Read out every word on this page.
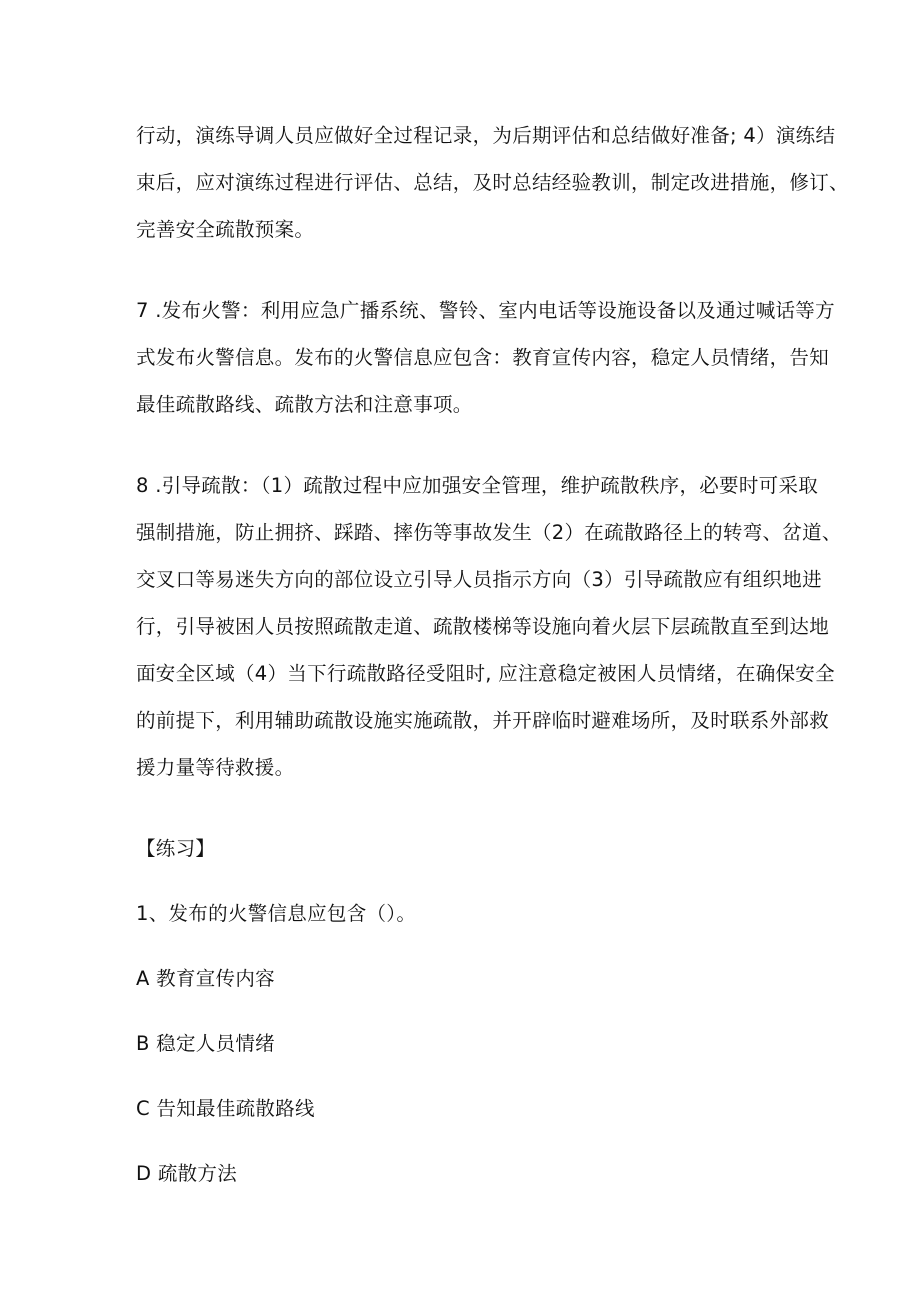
行动，演练导调人员应做好全过程记录，为后期评估和总结做好准备; 4）演练结
束后，应对演练过程进行评估、总结，及时总结经验教训，制定改进措施，修订、
完善安全疏散预案。

7 .发布火警：利用应急广播系统、警铃、室内电话等设施设备以及通过喊话等方
式发布火警信息。发布的火警信息应包含：教育宣传内容，稳定人员情绪，告知
最佳疏散路线、疏散方法和注意事项。

8 .引导疏散：（1）疏散过程中应加强安全管理，维护疏散秩序，必要时可采取
强制措施，防止拥挤、踩踏、摔伤等事故发生（2）在疏散路径上的转弯、岔道、
交叉口等易迷失方向的部位设立引导人员指示方向（3）引导疏散应有组织地进
行，引导被困人员按照疏散走道、疏散楼梯等设施向着火层下层疏散直至到达地
面安全区域（4）当下行疏散路径受阻时, 应注意稳定被困人员情绪，在确保安全
的前提下，利用辅助疏散设施实施疏散，并开辟临时避难场所，及时联系外部救
援力量等待救援。

【练习】

1、发布的火警信息应包含（）。

A 教育宣传内容

B 稳定人员情绪

C 告知最佳疏散路线

D 疏散方法
